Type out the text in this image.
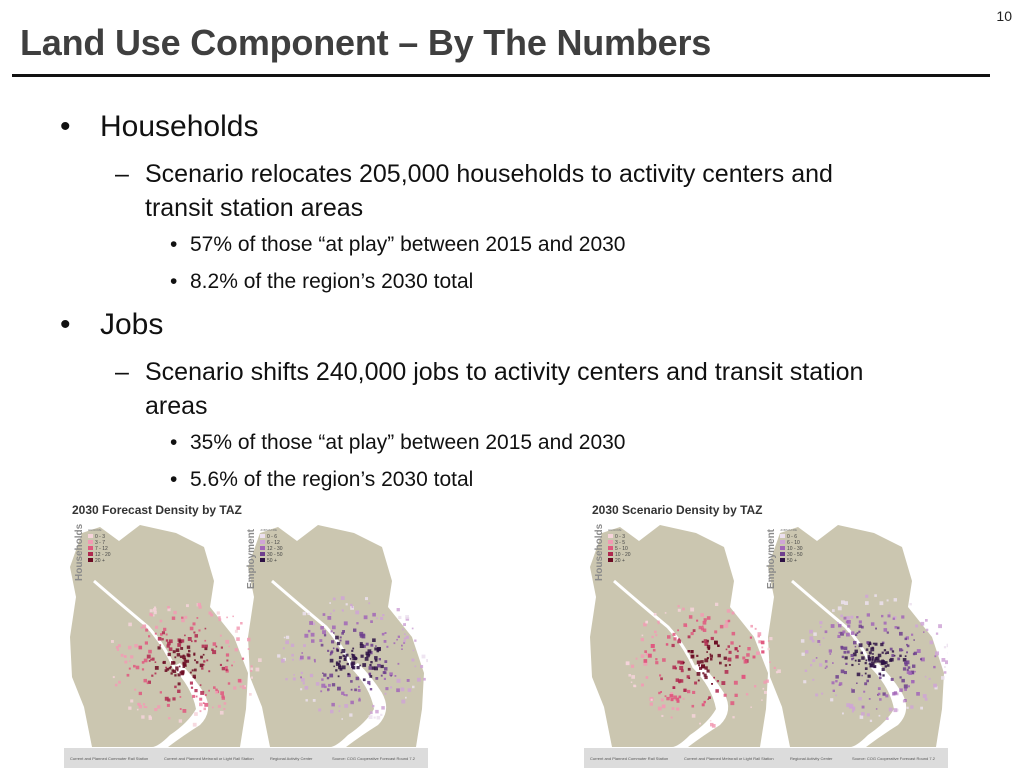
10
Land Use Component – By The Numbers
• Households
– Scenario relocates 205,000 households to activity centers and
transit station areas
• 57% of those “at play” between 2015 and 2030
• 8.2% of the region’s 2030 total
• Jobs
– Scenario shifts 240,000 jobs to activity centers and transit station
areas
• 35% of those “at play” between 2015 and 2030
• 5.6% of the region’s 2030 total
Households	Employment
HH/ACRE
0 - 3
3 - 7
7 - 12
12 - 20
20 +
JOBS/ACRE
0 - 6
6 - 12
12 - 30
30 - 50
50 +
2030 Forecast Density by TAZ
Current and Planned Commuter Rail Station	Current and Planned Metrorail or Light Rail Station	Regional Activity Center	Source: COG Cooperative Forecast Round 7.2
Households	Employment
HH/ACRE
0 - 3
3 - 5
5 - 10
10 - 20
20 +
JOBS/ACRE
0 - 6
6 - 10
10 - 30
30 - 50
50 +
2030 Scenario Density by TAZ
Current and Planned Commuter Rail Station	Current and Planned Metrorail or Light Rail Station	Regional Activity Center	Source: COG Cooperative Forecast Round 7.2
